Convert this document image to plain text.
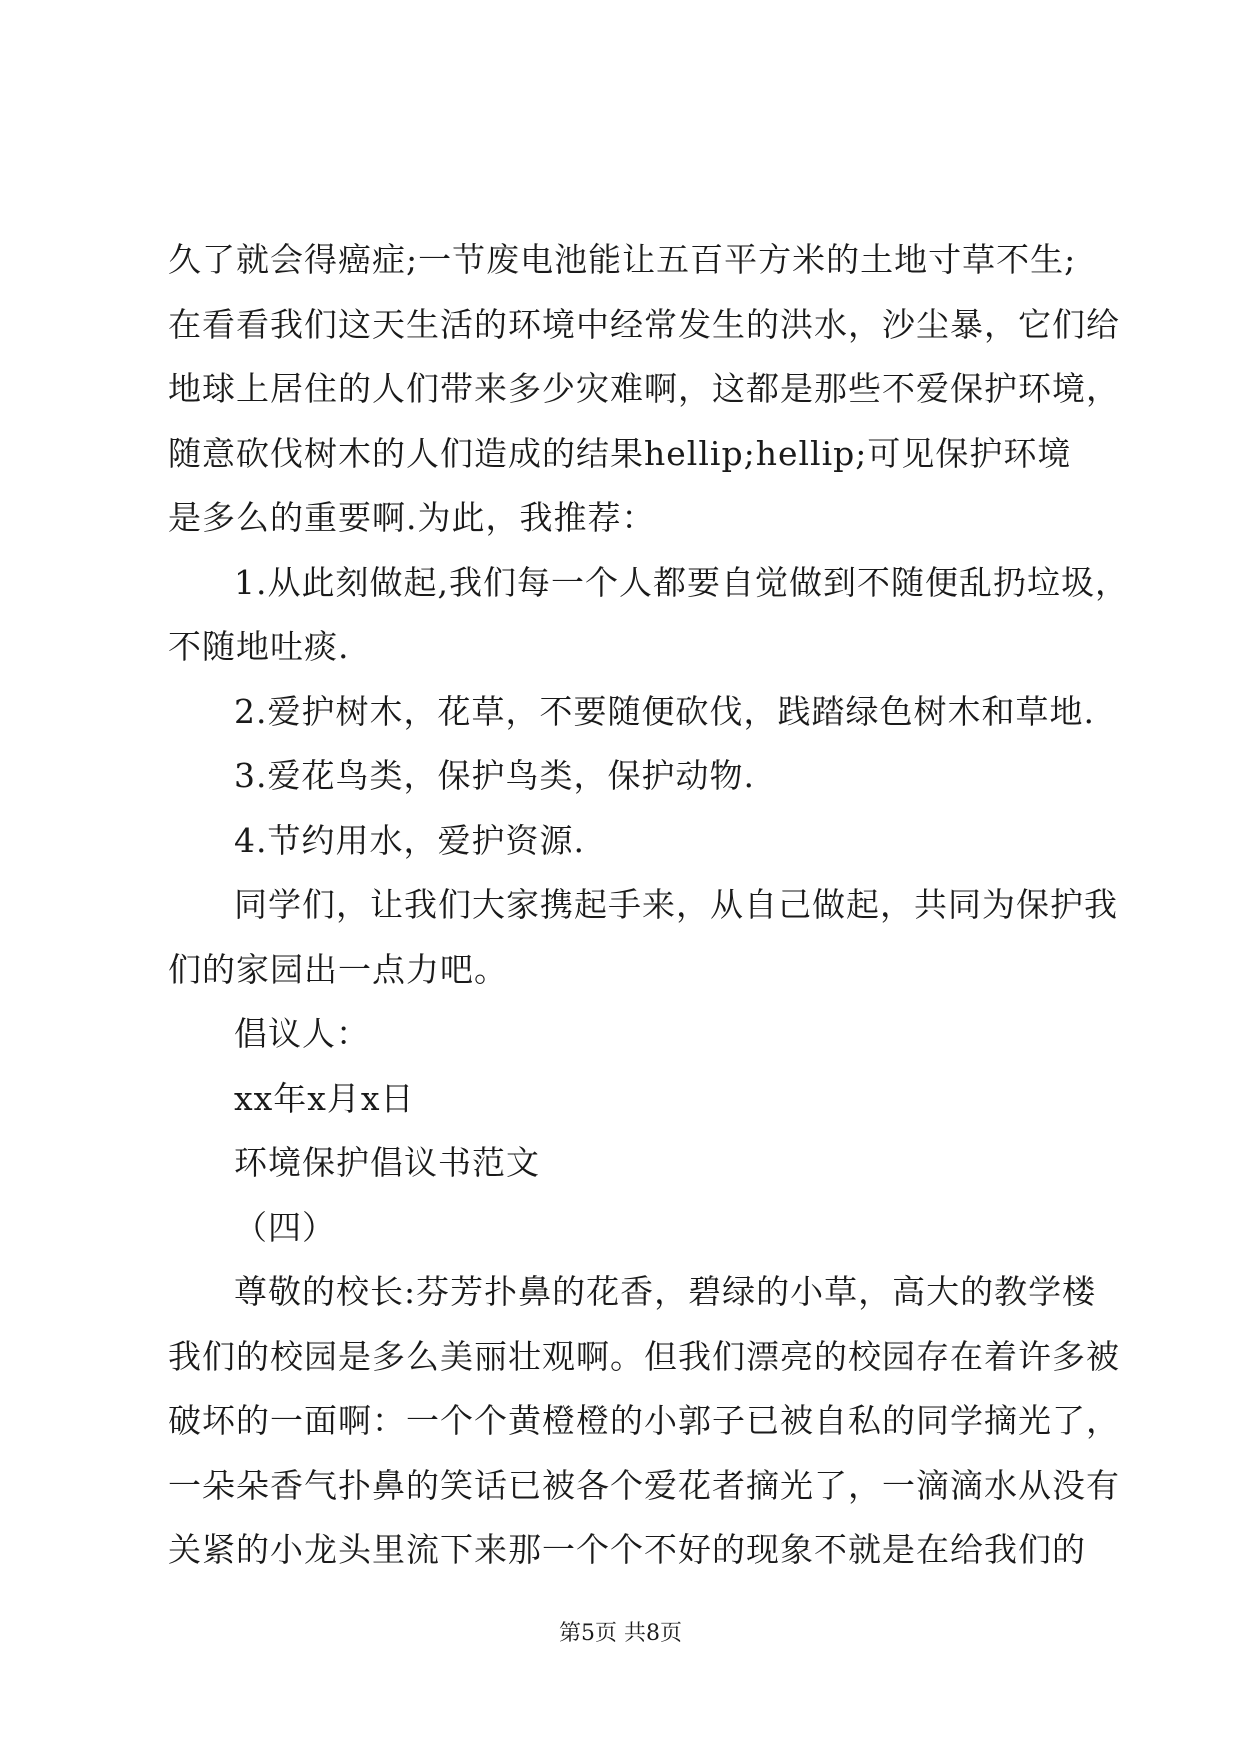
久了就会得癌症;一节废电池能让五百平方米的土地寸草不生;
在看看我们这天生活的环境中经常发生的洪水，沙尘暴，它们给
地球上居住的人们带来多少灾难啊，这都是那些不爱保护环境，
随意砍伐树木的人们造成的结果hellip;hellip;可见保护环境
是多么的重要啊.为此，我推荐：
1.从此刻做起,我们每一个人都要自觉做到不随便乱扔垃圾，
不随地吐痰.
2.爱护树木，花草，不要随便砍伐，践踏绿色树木和草地.
3.爱花鸟类，保护鸟类，保护动物.
4.节约用水，爱护资源.
同学们，让我们大家携起手来，从自己做起，共同为保护我
们的家园出一点力吧。
倡议人：
xx年x月x日
环境保护倡议书范文
（四）
尊敬的校长:芬芳扑鼻的花香，碧绿的小草，高大的教学楼
我们的校园是多么美丽壮观啊。但我们漂亮的校园存在着许多被
破坏的一面啊：一个个黄橙橙的小郭子已被自私的同学摘光了，
一朵朵香气扑鼻的笑话已被各个爱花者摘光了，一滴滴水从没有
关紧的小龙头里流下来那一个个不好的现象不就是在给我们的
第5页 共8页
